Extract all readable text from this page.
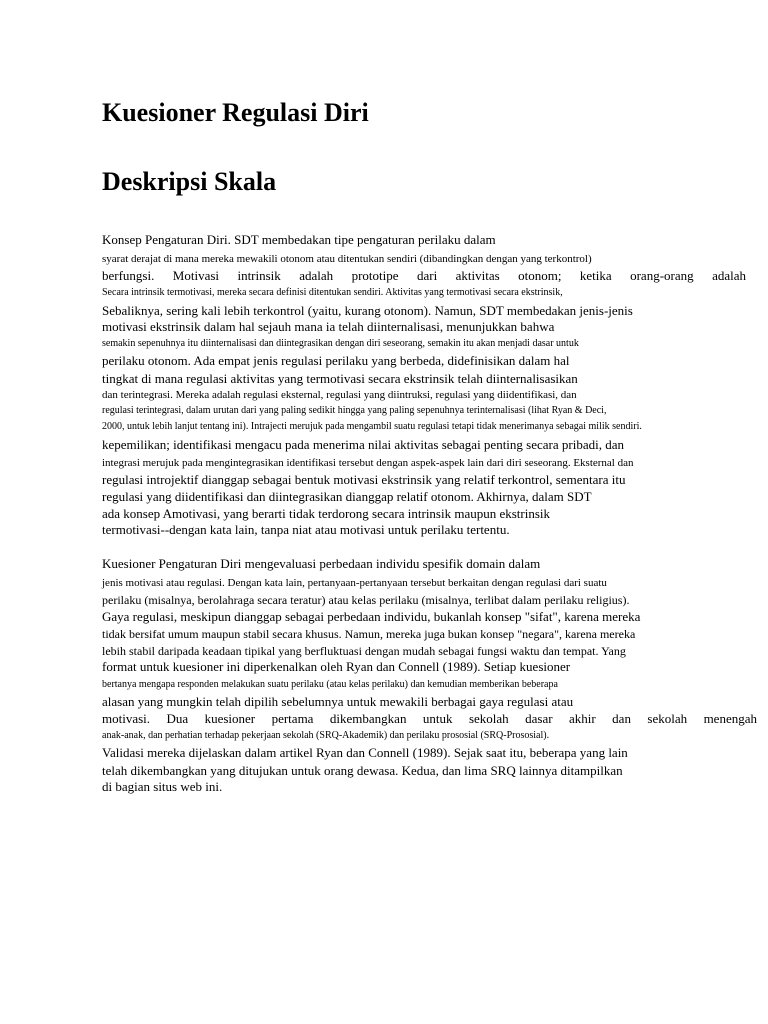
Kuesioner Regulasi Diri
Deskripsi Skala
Konsep Pengaturan Diri. SDT membedakan tipe pengaturan perilaku dalam
syarat derajat di mana mereka mewakili otonom atau ditentukan sendiri (dibandingkan dengan yang terkontrol)
berfungsi. Motivasi intrinsik adalah prototipe dari aktivitas otonom; ketika orang-orang adalah
Secara intrinsik termotivasi, mereka secara definisi ditentukan sendiri. Aktivitas yang termotivasi secara ekstrinsik,
Sebaliknya, sering kali lebih terkontrol (yaitu, kurang otonom). Namun, SDT membedakan jenis-jenis
motivasi ekstrinsik dalam hal sejauh mana ia telah diinternalisasi, menunjukkan bahwa
semakin sepenuhnya itu diinternalisasi dan diintegrasikan dengan diri seseorang, semakin itu akan menjadi dasar untuk
perilaku otonom. Ada empat jenis regulasi perilaku yang berbeda, didefinisikan dalam hal
tingkat di mana regulasi aktivitas yang termotivasi secara ekstrinsik telah diinternalisasikan
dan terintegrasi. Mereka adalah regulasi eksternal, regulasi yang diintruksi, regulasi yang diidentifikasi, dan
regulasi terintegrasi, dalam urutan dari yang paling sedikit hingga yang paling sepenuhnya terinternalisasi (lihat Ryan & Deci,
2000, untuk lebih lanjut tentang ini). Intrajecti merujuk pada mengambil suatu regulasi tetapi tidak menerimanya sebagai milik sendiri.
kepemilikan; identifikasi mengacu pada menerima nilai aktivitas sebagai penting secara pribadi, dan
integrasi merujuk pada mengintegrasikan identifikasi tersebut dengan aspek-aspek lain dari diri seseorang. Eksternal dan
regulasi introjektif dianggap sebagai bentuk motivasi ekstrinsik yang relatif terkontrol, sementara itu
regulasi yang diidentifikasi dan diintegrasikan dianggap relatif otonom. Akhirnya, dalam SDT
ada konsep Amotivasi, yang berarti tidak terdorong secara intrinsik maupun ekstrinsik
termotivasi--dengan kata lain, tanpa niat atau motivasi untuk perilaku tertentu.
Kuesioner Pengaturan Diri mengevaluasi perbedaan individu spesifik domain dalam
jenis motivasi atau regulasi. Dengan kata lain, pertanyaan-pertanyaan tersebut berkaitan dengan regulasi dari suatu
perilaku (misalnya, berolahraga secara teratur) atau kelas perilaku (misalnya, terlibat dalam perilaku religius).
Gaya regulasi, meskipun dianggap sebagai perbedaan individu, bukanlah konsep "sifat", karena mereka
tidak bersifat umum maupun stabil secara khusus. Namun, mereka juga bukan konsep "negara", karena mereka
lebih stabil daripada keadaan tipikal yang berfluktuasi dengan mudah sebagai fungsi waktu dan tempat. Yang
format untuk kuesioner ini diperkenalkan oleh Ryan dan Connell (1989). Setiap kuesioner
bertanya mengapa responden melakukan suatu perilaku (atau kelas perilaku) dan kemudian memberikan beberapa
alasan yang mungkin telah dipilih sebelumnya untuk mewakili berbagai gaya regulasi atau
motivasi. Dua kuesioner pertama dikembangkan untuk sekolah dasar akhir dan sekolah menengah
anak-anak, dan perhatian terhadap pekerjaan sekolah (SRQ-Akademik) dan perilaku prososial (SRQ-Prososial).
Validasi mereka dijelaskan dalam artikel Ryan dan Connell (1989). Sejak saat itu, beberapa yang lain
telah dikembangkan yang ditujukan untuk orang dewasa. Kedua, dan lima SRQ lainnya ditampilkan
di bagian situs web ini.
